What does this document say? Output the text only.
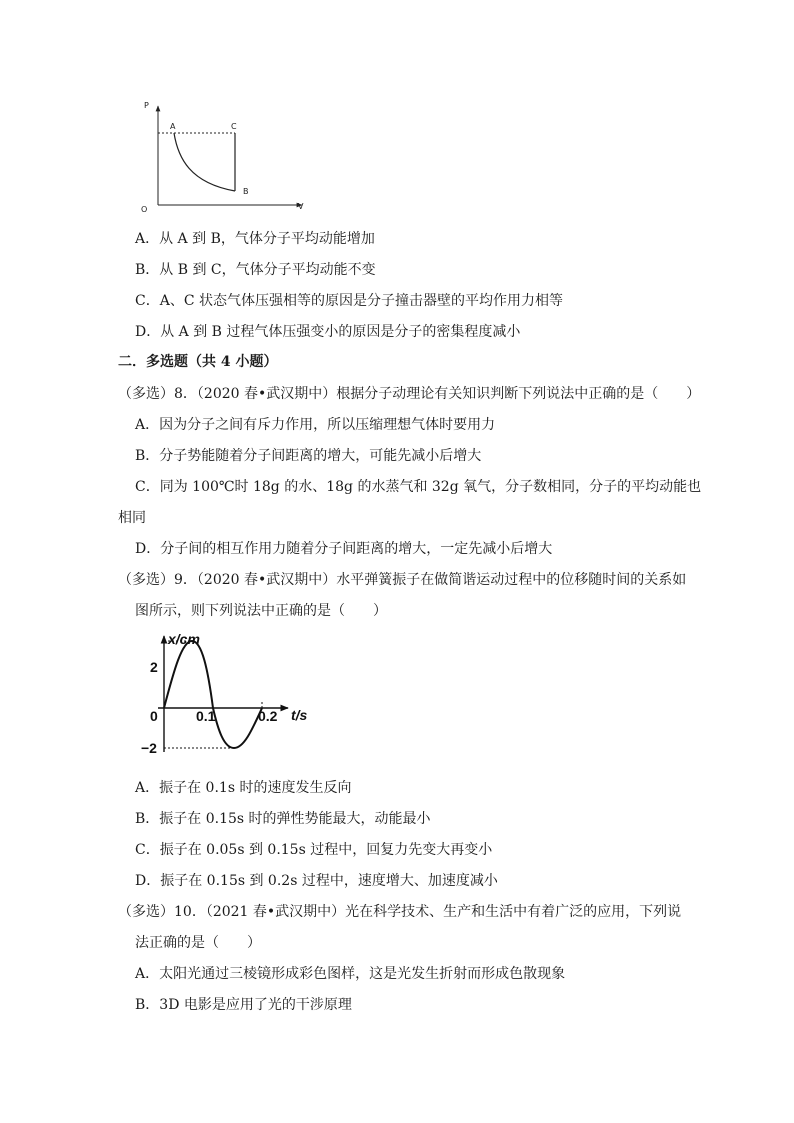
P
V
O
A	C
B
A．从 A 到 B，气体分子平均动能增加
B．从 B 到 C，气体分子平均动能不变
C．A、C 状态气体压强相等的原因是分子撞击器壁的平均作用力相等
D．从 A 到 B 过程气体压强变小的原因是分子的密集程度减小
二．多选题（共 4 小题）
（多选）8．（2020 春•武汉期中）根据分子动理论有关知识判断下列说法中正确的是（　　）
A．因为分子之间有斥力作用，所以压缩理想气体时要用力
B．分子势能随着分子间距离的增大，可能先减小后增大
C．同为 100℃时 18g 的水、18g 的水蒸气和 32g 氧气，分子数相同，分子的平均动能也
相同
D．分子间的相互作用力随着分子间距离的增大，一定先减小后增大
（多选）9．（2020 春•武汉期中）水平弹簧振子在做简谐运动过程中的位移随时间的关系如
图所示，则下列说法中正确的是（　　）
x/cm
t/s
2
−2
0	0.1	0.2
A．振子在 0.1s 时的速度发生反向
B．振子在 0.15s 时的弹性势能最大，动能最小
C．振子在 0.05s 到 0.15s 过程中，回复力先变大再变小
D．振子在 0.15s 到 0.2s 过程中，速度增大、加速度减小
（多选）10．（2021 春•武汉期中）光在科学技术、生产和生活中有着广泛的应用，下列说
法正确的是（　　）
A．太阳光通过三棱镜形成彩色图样，这是光发生折射而形成色散现象
B．3D 电影是应用了光的干涉原理
